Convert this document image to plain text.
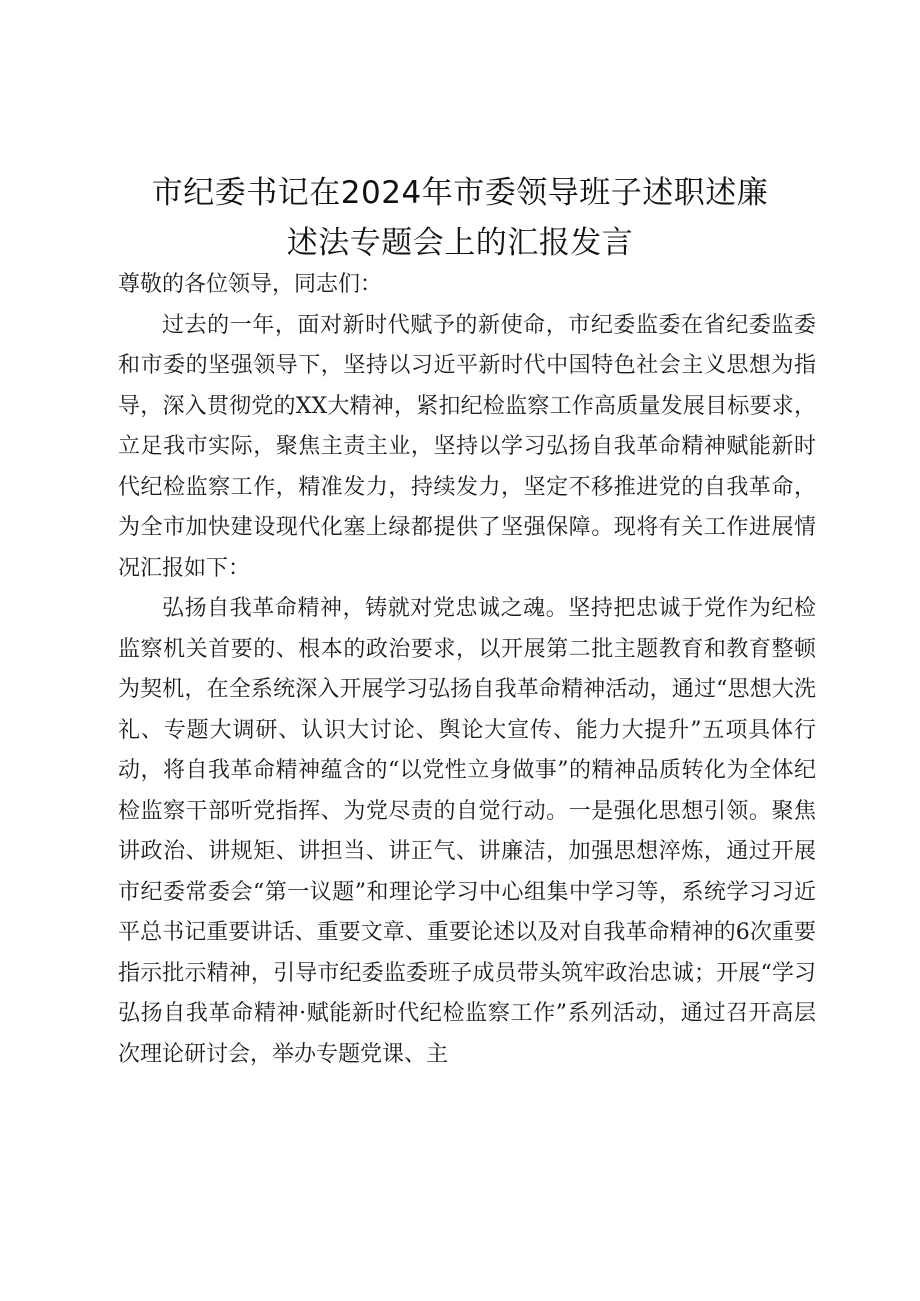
市纪委书记在2024年市委领导班子述职述廉
述法专题会上的汇报发言

尊敬的各位领导，同志们：

过去的一年，面对新时代赋予的新使命，市纪委监委在省纪委监委和市委的坚强领导下，坚持以习近平新时代中国特色社会主义思想为指导，深入贯彻党的XX大精神，紧扣纪检监察工作高质量发展目标要求，立足我市实际，聚焦主责主业，坚持以学习弘扬自我革命精神赋能新时代纪检监察工作，精准发力，持续发力，坚定不移推进党的自我革命，为全市加快建设现代化塞上绿都提供了坚强保障。现将有关工作进展情况汇报如下：

弘扬自我革命精神，铸就对党忠诚之魂。坚持把忠诚于党作为纪检监察机关首要的、根本的政治要求，以开展第二批主题教育和教育整顿为契机，在全系统深入开展学习弘扬自我革命精神活动，通过“思想大洗礼、专题大调研、认识大讨论、舆论大宣传、能力大提升”五项具体行动，将自我革命精神蕴含的“以党性立身做事”的精神品质转化为全体纪检监察干部听党指挥、为党尽责的自觉行动。一是强化思想引领。聚焦讲政治、讲规矩、讲担当、讲正气、讲廉洁，加强思想淬炼，通过开展市纪委常委会“第一议题”和理论学习中心组集中学习等，系统学习习近平总书记重要讲话、重要文章、重要论述以及对自我革命精神的6次重要指示批示精神，引导市纪委监委班子成员带头筑牢政治忠诚；开展“学习弘扬自我革命精神·赋能新时代纪检监察工作”系列活动，通过召开高层次理论研讨会，举办专题党课、主
